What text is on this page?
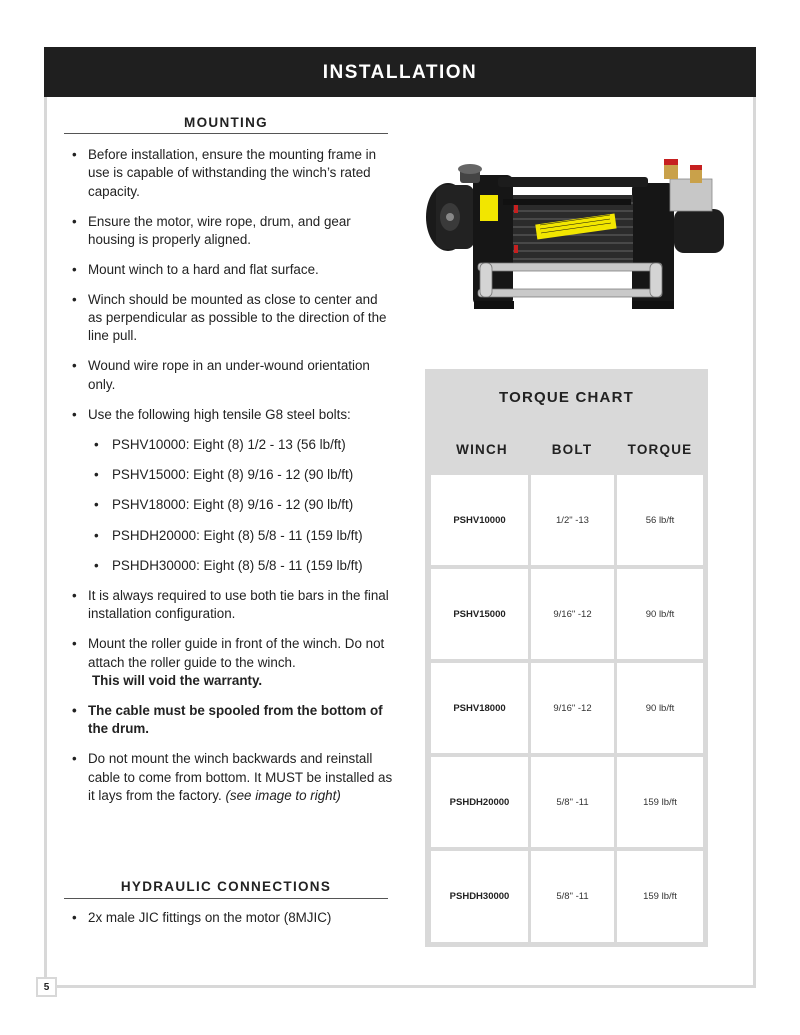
INSTALLATION
MOUNTING
• Before installation, ensure the mounting frame in use is capable of withstanding the winch’s rated capacity.
• Ensure the motor, wire rope, drum, and gear housing is properly aligned.
• Mount winch to a hard and flat surface.
• Winch should be mounted as close to center and as perpendicular as possible to the direction of the line pull.
• Wound wire rope in an under-wound orientation only.
• Use the following high tensile G8 steel bolts:
• PSHV10000: Eight (8) 1/2 - 13 (56 lb/ft)
• PSHV15000: Eight (8) 9/16 - 12 (90 lb/ft)
• PSHV18000: Eight (8) 9/16 - 12 (90 lb/ft)
• PSHDH20000: Eight (8) 5/8 - 11 (159 lb/ft)
• PSHDH30000: Eight (8) 5/8 - 11 (159 lb/ft)
• It is always required to use both tie bars in the final installation configuration.
• Mount the roller guide in front of the winch. Do not attach the roller guide to the winch.
This will void the warranty.
• The cable must be spooled from the bottom of the drum.
• Do not mount the winch backwards and reinstall cable to come from bottom. It MUST be installed as it lays from the factory. (see image to right)
HYDRAULIC CONNECTIONS
• 2x male JIC fittings on the motor (8MJIC)
TORQUE CHART
WINCH	BOLT	TORQUE
PSHV10000	1/2" -13	56 lb/ft
PSHV15000	9/16" -12	90 lb/ft
PSHV18000	9/16" -12	90 lb/ft
PSHDH20000	5/8" -11	159 lb/ft
PSHDH30000	5/8" -11	159 lb/ft
5
